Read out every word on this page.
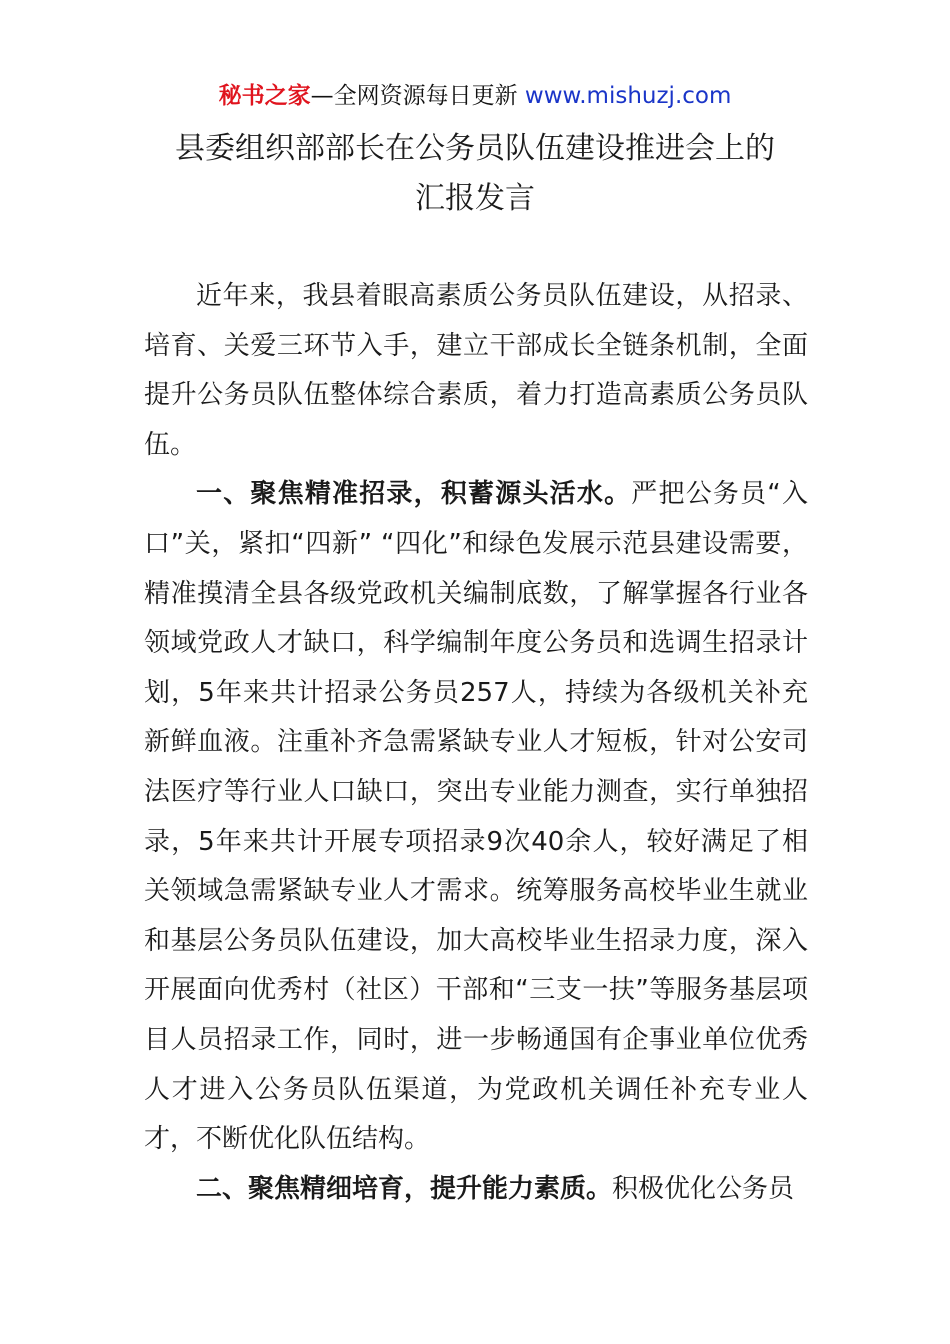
秘书之家—全网资源每日更新 www.mishuzj.com
县委组织部部长在公务员队伍建设推进会上的
汇报发言

近年来，我县着眼高素质公务员队伍建设，从招录、培育、关爱三环节入手，建立干部成长全链条机制，全面提升公务员队伍整体综合素质，着力打造高素质公务员队伍。

一、聚焦精准招录，积蓄源头活水。严把公务员“入口”关，紧扣“四新” “四化”和绿色发展示范县建设需要，精准摸清全县各级党政机关编制底数，了解掌握各行业各领域党政人才缺口，科学编制年度公务员和选调生招录计划，5年来共计招录公务员257人，持续为各级机关补充新鲜血液。注重补齐急需紧缺专业人才短板，针对公安司法医疗等行业人口缺口，突出专业能力测查，实行单独招录，5年来共计开展专项招录9次40余人，较好满足了相关领域急需紧缺专业人才需求。统筹服务高校毕业生就业和基层公务员队伍建设，加大高校毕业生招录力度，深入开展面向优秀村（社区）干部和“三支一扶”等服务基层项目人员招录工作，同时，进一步畅通国有企事业单位优秀人才进入公务员队伍渠道，为党政机关调任补充专业人才，不断优化队伍结构。

二、聚焦精细培育，提升能力素质。积极优化公务员
